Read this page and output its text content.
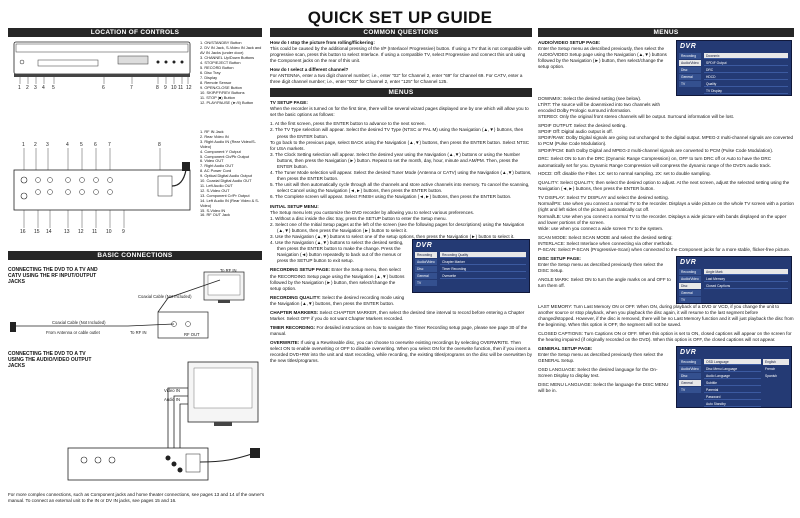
QUICK SET UP GUIDE
LOCATION OF CONTROLS
1 2 3 4 5	6	7	8 9 10 11 12
1. ON/STANDBY Button
2. DV IN Jack, S-Video IN Jack and AV IN Jacks (under door)
3. CHANNEL Up/Down Buttons
4. STOP/EJECT Button
5. RECORD Button
6. Disc Tray
7. Display
8. Remote Sensor
9. OPEN/CLOSE Button
10. SKIP/FF/REV Buttons
11. STOP (■) Button
12. PLAY/PAUSE (►/II) Button
1 2 3	4 5 6 7	8
16 15 14 13 12 11 10 9
1. RF IN Jack
2. Rear Video IN
3. Right Audio IN (Rear Video/S-Video)
4. Component Y Output
5. Component Cb/Pb Output
6. Video OUT
7. Right Audio OUT
8. AC Power Cord
9. Optical Digital Audio Output
10. Coaxial Digital Audio OUT
11. Left Audio OUT
12. S-Video OUT
13. Component Cr/Pr Output
14. Left Audio IN (Rear Video & S-Video)
15. S-Video IN
16. RF OUT Jack
BASIC CONNECTIONS
CONNECTING THE DVD TO A TV AND CATV USING THE RF INPUT/OUTPUT JACKS
To RF IN
Coaxial Cable (Not Included)
Coaxial Cable (Not Included)
From Antenna or cable outlet	To RF IN	RF OUT
CONNECTING THE DVD TO A TV USING THE AUDIO/VIDEO OUTPUT JACKS
Video IN
Audio IN
For more complex connections, such as Component jacks and home theater connections, see pages 13 and 14 of the owner's manual. To connect an external unit to the IN or DV IN jacks, see pages 15 and 16.
COMMON QUESTIONS

How do I stop the picture from rolling/flickering:
This could be caused by the additional pressing of the I/P (Interlace/ Progressive) button. If using a TV that is not compatible with progressive scan, press this button to select Interlace. If using a compatible TV, select Progressive and connect this unit using the Component jacks on the rear of this unit.

How do I select a different channel?
For ANTENNA, enter a two digit channel number; i.e., enter "02" for Channel 2, enter "69" for Channel 69. For CATV, enter a three digit channel number; i.e., enter "002" for Channel 2, enter "125" for Channel 125.

MENUS

TV SETUP PAGE:

When the recorder is turned on for the first time, there will be several wizard pages displayed one by one which will allow you to set the basic options as follows:

1. At the first screen, press the ENTER button to advance to the next screen.
2. The TV Type selection will appear. Select the desired TV Type (NTSC or PAL M) using the Navigation (▲,▼) buttons, then press the ENTER button.
To go back to the previous page, select BACK using the Navigation (▲,▼) buttons, then press the ENTER button. Select NTSC for USA markets.
3. The Clock Setting selection will appear. Select the desired year using the Navigation (▲,▼) buttons or using the Number buttons, then press the Navigation (►) button. Repeat to set the month, day, hour, minute and AM/PM. Then, press the ENTER button.
4. The Tuner Mode selection will appear. Select the desired Tuner Mode (Antenna or CATV) using the Navigation (▲,▼) buttons, then press the ENTER button.
5. The unit will then automatically cycle through all the channels and store active channels into memory. To cancel the scanning, select Cancel using the Navigation (◄,►) buttons, then press the ENTER button.
6. The Complete screen will appear. Select FINISH using the Navigation (◄,►) buttons, then press the ENTER button.

INITIAL SETUP MENU:

The Setup menu lets you customize the DVD recorder by allowing you to select various preferences.

1. Without a disc inside the disc tray, press the SETUP button to enter the Setup menu.
2. Select one of the Initial Setup pages at the left of the screen (see the following pages for descriptions) using the Navigation (▲,▼) buttons, then press the Navigation (►) button to select it.
3. Use the Navigation (▲,▼) buttons to select one of the setup options, then press the Navigation (►) button to select it.
4. Use the Navigation (▲,▼) buttons to select the desired setting, then press the ENTER button to make the change. Press the Navigation (◄) button repeatedly to back out of the menus or press the SETUP button to exit setup.

RECORDING SETUP PAGE: Enter the Setup menu, then select the RECORDING Setup page using the Navigation (▲,▼) buttons followed by the Navigation (►) button, then select/change the setup option.

RECORDING QUALITY: Select the desired recording mode using the Navigation (▲,▼) buttons, then press the ENTER button.

DVR
Recording
Audio/Video
Disc
General
TV
Recording Quality
Chapter Marker
Timer Recording
Overwrite

CHAPTER MARKERS: Select CHAPTER MARKER, then select the desired time interval to record before entering a Chapter Marker. Select OFF if you do not want Chapter Markers recorded.

TIMER RECORDING: For detailed instructions on how to navigate the Timer Recording setup page, please see page 30 of the manual.

OVERWRITE: If using a Rewriteable disc, you can choose to overwrite existing recordings by selecting OVERWRITE. Then select ON to enable overwriting or OFF to disable overwriting. When you select ON for the overwrite function, then if you insert a recorded DVD+RW into the unit and start recording, while recording, the existing titles/programs on the disc will be overwritten by the new titles/programs.

MENUS

AUDIO/VIDEO SETUP PAGE:

Enter the Setup menu as described previously, then select the AUDIO/VIDEO Setup page using the Navigation (▲,▼) buttons followed by the Navigation (►) button, then select/change the setup option.

DVR
Recording
Audio/Video
Disc
General
TV
Downmix
SPDIF Output
DRC
HDCD
Quality
TV Display

DOWNMIX: Select the desired setting (see below).

LT/RT: The source will be downmixed into two channels with encoded Dolby Prologic surround information.

STEREO: Only the original front stereo channels will be output. Surround information will be lost.

SPDIF OUTPUT: Select the desired setting.

SPDIF Off: Digital audio output is off.

SPDIF/RAW: Dolby Digital signals are going out unchanged to the digital output. MPEG-2 multi-channel signals are converted to PCM (Pulse Code Modulation).

SPDIF/PCM: Both Dolby Digital and MPEG-2 multi-channel signals are converted to PCM (Pulse Code Modulation).

DRC: Select ON to turn the DRC (Dynamic Range Compression) on, OFF to turn DRC off or Auto to have the DRC automatically set for you. Dynamic Range Compression will compress the dynamic range of the DVD's audio track.

HDCD: Off: disable the Filter. 1X: set to normal sampling. 2X: set to double sampling.

QUALITY: Select QUALITY, then select the desired option to adjust. At the next screen, adjust the selected setting using the Navigation (◄,►) buttons, then press the ENTER button.

TV DISPLAY: Select TV DISPLAY and select the desired setting.

Normal/PS: Use when you connect a normal TV to the recorder. Displays a wide picture on the whole TV screen with a portion (right and left sides of the picture) automatically cut off.

Normal/LB: Use when you connect a normal TV to the recorder. Displays a wide picture with bands displayed on the upper and lower portions of the screen.

Wide: use when you connect a wide screen TV to the system.

SCAN MODE: Select SCAN MODE and select the desired setting:

INTERLACE: Select Interlace when connecting via other methods.

P-SCAN: Select P-SCAN (Progressive-Scan) when connected to the Component jacks for a more stable, flicker-free picture.

DISC SETUP PAGE:

Enter the Setup menu as described previously then select the DISC Setup.

ANGLE MARK: Select ON to turn the angle marks on and OFF to turn them off.

DVR
Recording
Audio/Video
Disc
General
TV
Angle Mark
Last Memory
Closed Captions

LAST MEMORY: Turn Last Memory ON or OFF. When ON, during playback of a DVD or VCD, if you change the unit to another source or stop playback, when you playback the disc again, it will resume to the last segment before changed/stopped. However, if the disc is removed, there will be no Last Memory function and it will just playback the disc from the beginning. When this option is OFF, the segment will not be saved.

CLOSED CAPTIONS: Turn Captions ON or OFF. When this option is set to ON, closed captions will appear on the screen for the hearing impaired (if originally recorded on the DVD). When this option is OFF, the closed captions will not appear.

GENERAL SETUP PAGE:

Enter the Setup menu as described previously then select the GENERAL Setup.

OSD LANGUAGE: Select the desired language for the On-Screen Display to display text.

DISC MENU LANGUAGE: Select the language the DISC MENU will be in.

DVR
Recording
Audio/Video
Disc
General
TV
OSD Language
Disc Menu Language
Audio Language
Subtitle
Parental
Password
Auto Standby
English
French
Spanish
